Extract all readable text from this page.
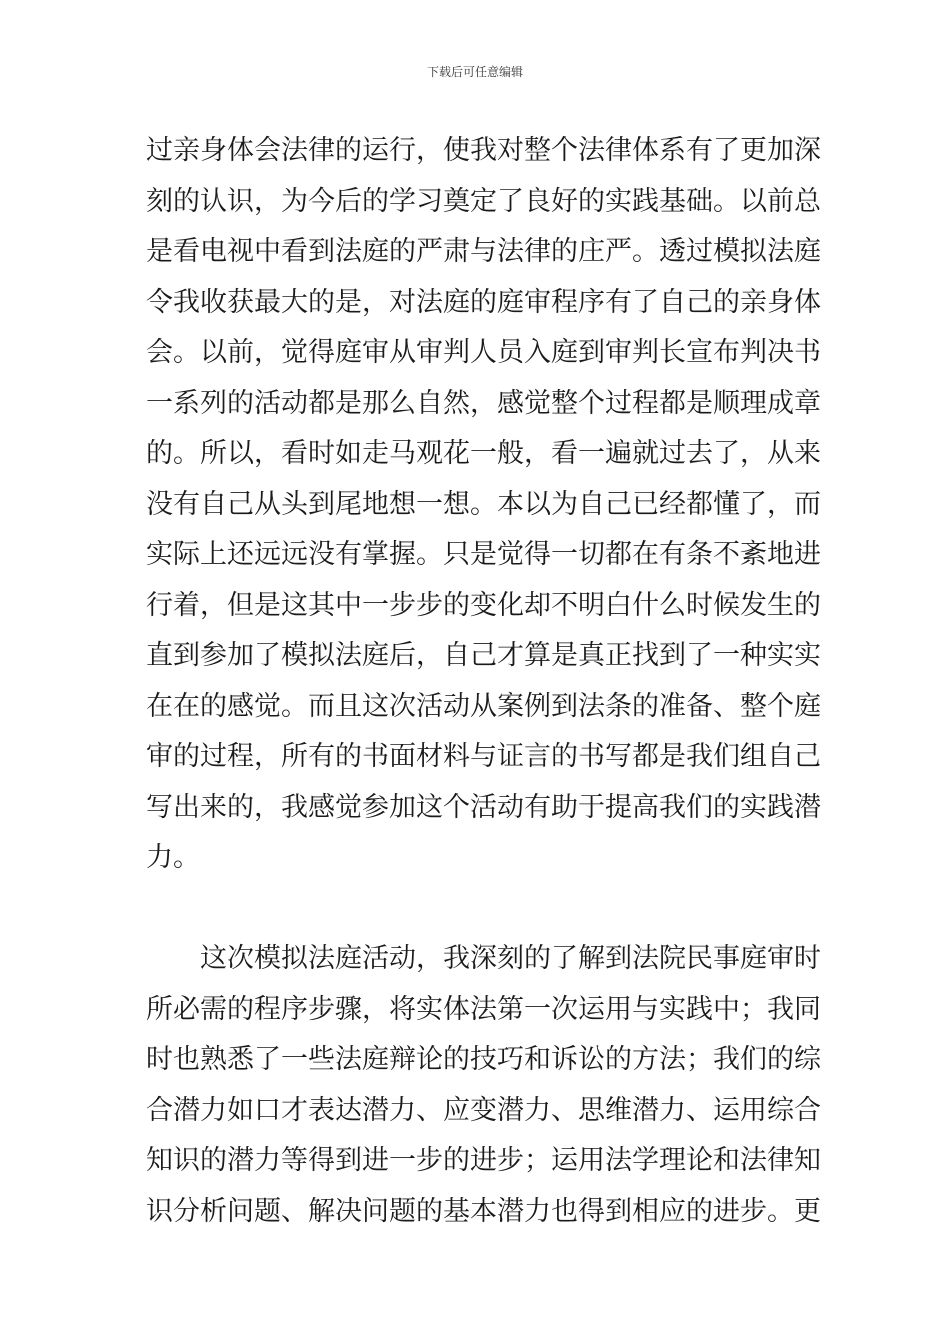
下载后可任意编辑
过亲身体会法律的运行，使我对整个法律体系有了更加深
刻的认识，为今后的学习奠定了良好的实践基础。以前总
是看电视中看到法庭的严肃与法律的庄严。透过模拟法庭
令我收获最大的是，对法庭的庭审程序有了自己的亲身体
会。以前，觉得庭审从审判人员入庭到审判长宣布判决书
一系列的活动都是那么自然，感觉整个过程都是顺理成章
的。所以，看时如走马观花一般，看一遍就过去了，从来
没有自己从头到尾地想一想。本以为自己已经都懂了，而
实际上还远远没有掌握。只是觉得一切都在有条不紊地进
行着，但是这其中一步步的变化却不明白什么时候发生的
直到参加了模拟法庭后，自己才算是真正找到了一种实实
在在的感觉。而且这次活动从案例到法条的准备、整个庭
审的过程，所有的书面材料与证言的书写都是我们组自己
写出来的，我感觉参加这个活动有助于提高我们的实践潜
力。
这次模拟法庭活动，我深刻的了解到法院民事庭审时
所必需的程序步骤，将实体法第一次运用与实践中；我同
时也熟悉了一些法庭辩论的技巧和诉讼的方法；我们的综
合潜力如口才表达潜力、应变潜力、思维潜力、运用综合
知识的潜力等得到进一步的进步；运用法学理论和法律知
识分析问题、解决问题的基本潜力也得到相应的进步。更
